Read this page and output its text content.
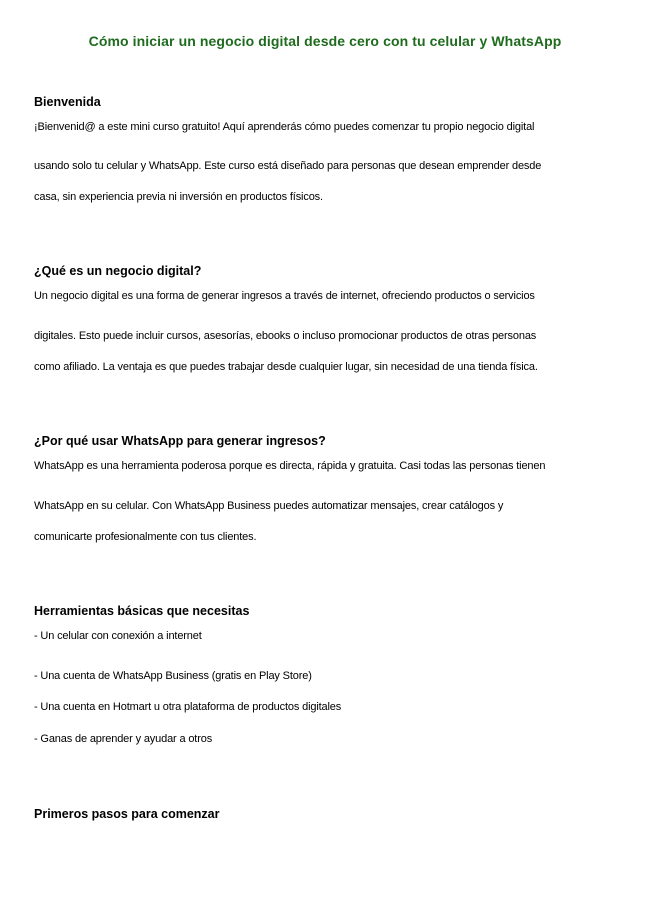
Cómo iniciar un negocio digital desde cero con tu celular y WhatsApp
Bienvenida
¡Bienvenid@ a este mini curso gratuito! Aquí aprenderás cómo puedes comenzar tu propio negocio digital
usando solo tu celular y WhatsApp. Este curso está diseñado para personas que desean emprender desde
casa, sin experiencia previa ni inversión en productos físicos.
¿Qué es un negocio digital?
Un negocio digital es una forma de generar ingresos a través de internet, ofreciendo productos o servicios
digitales. Esto puede incluir cursos, asesorías, ebooks o incluso promocionar productos de otras personas
como afiliado. La ventaja es que puedes trabajar desde cualquier lugar, sin necesidad de una tienda física.
¿Por qué usar WhatsApp para generar ingresos?
WhatsApp es una herramienta poderosa porque es directa, rápida y gratuita. Casi todas las personas tienen
WhatsApp en su celular. Con WhatsApp Business puedes automatizar mensajes, crear catálogos y
comunicarte profesionalmente con tus clientes.
Herramientas básicas que necesitas
- Un celular con conexión a internet
- Una cuenta de WhatsApp Business (gratis en Play Store)
- Una cuenta en Hotmart u otra plataforma de productos digitales
- Ganas de aprender y ayudar a otros
Primeros pasos para comenzar
